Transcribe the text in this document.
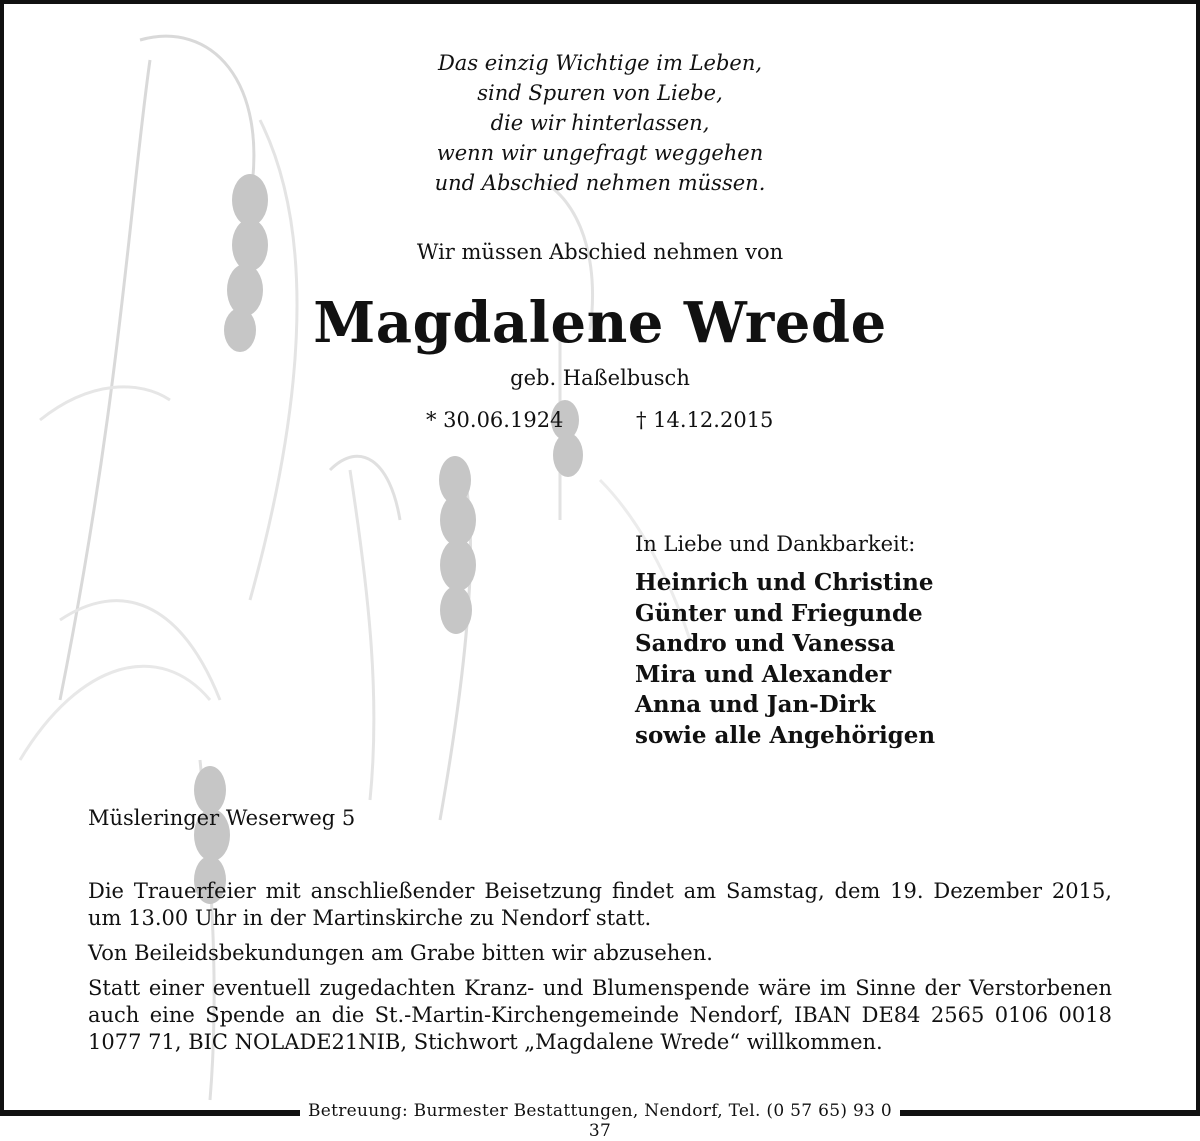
Das einzig Wichtige im Leben,
sind Spuren von Liebe,
die wir hinterlassen,
wenn wir ungefragt weggehen
und Abschied nehmen müssen.
Wir müssen Abschied nehmen von
Magdalene Wrede
geb. Haßelbusch
* 30.06.1924	† 14.12.2015
In Liebe und Dankbarkeit:
Heinrich und Christine
Günter und Friegunde
Sandro und Vanessa
Mira und Alexander
Anna und Jan-Dirk
sowie alle Angehörigen
Müsleringer Weserweg 5

Die Trauerfeier mit anschließender Beisetzung findet am Samstag, dem 19. Dezember 2015, um 13.00 Uhr in der Martinskirche zu Nendorf statt.

Von Beileidsbekundungen am Grabe bitten wir abzusehen.

Statt einer eventuell zugedachten Kranz- und Blumenspende wäre im Sinne der Verstorbenen auch eine Spende an die St.-Martin-Kirchengemeinde Nendorf, IBAN DE84 2565 0106 0018 1077 71, BIC NOLADE21NIB, Stichwort „Magdalene Wrede“ willkommen.

Betreuung: Burmester Bestattungen, Nendorf, Tel. (0 57 65) 93 0 37
